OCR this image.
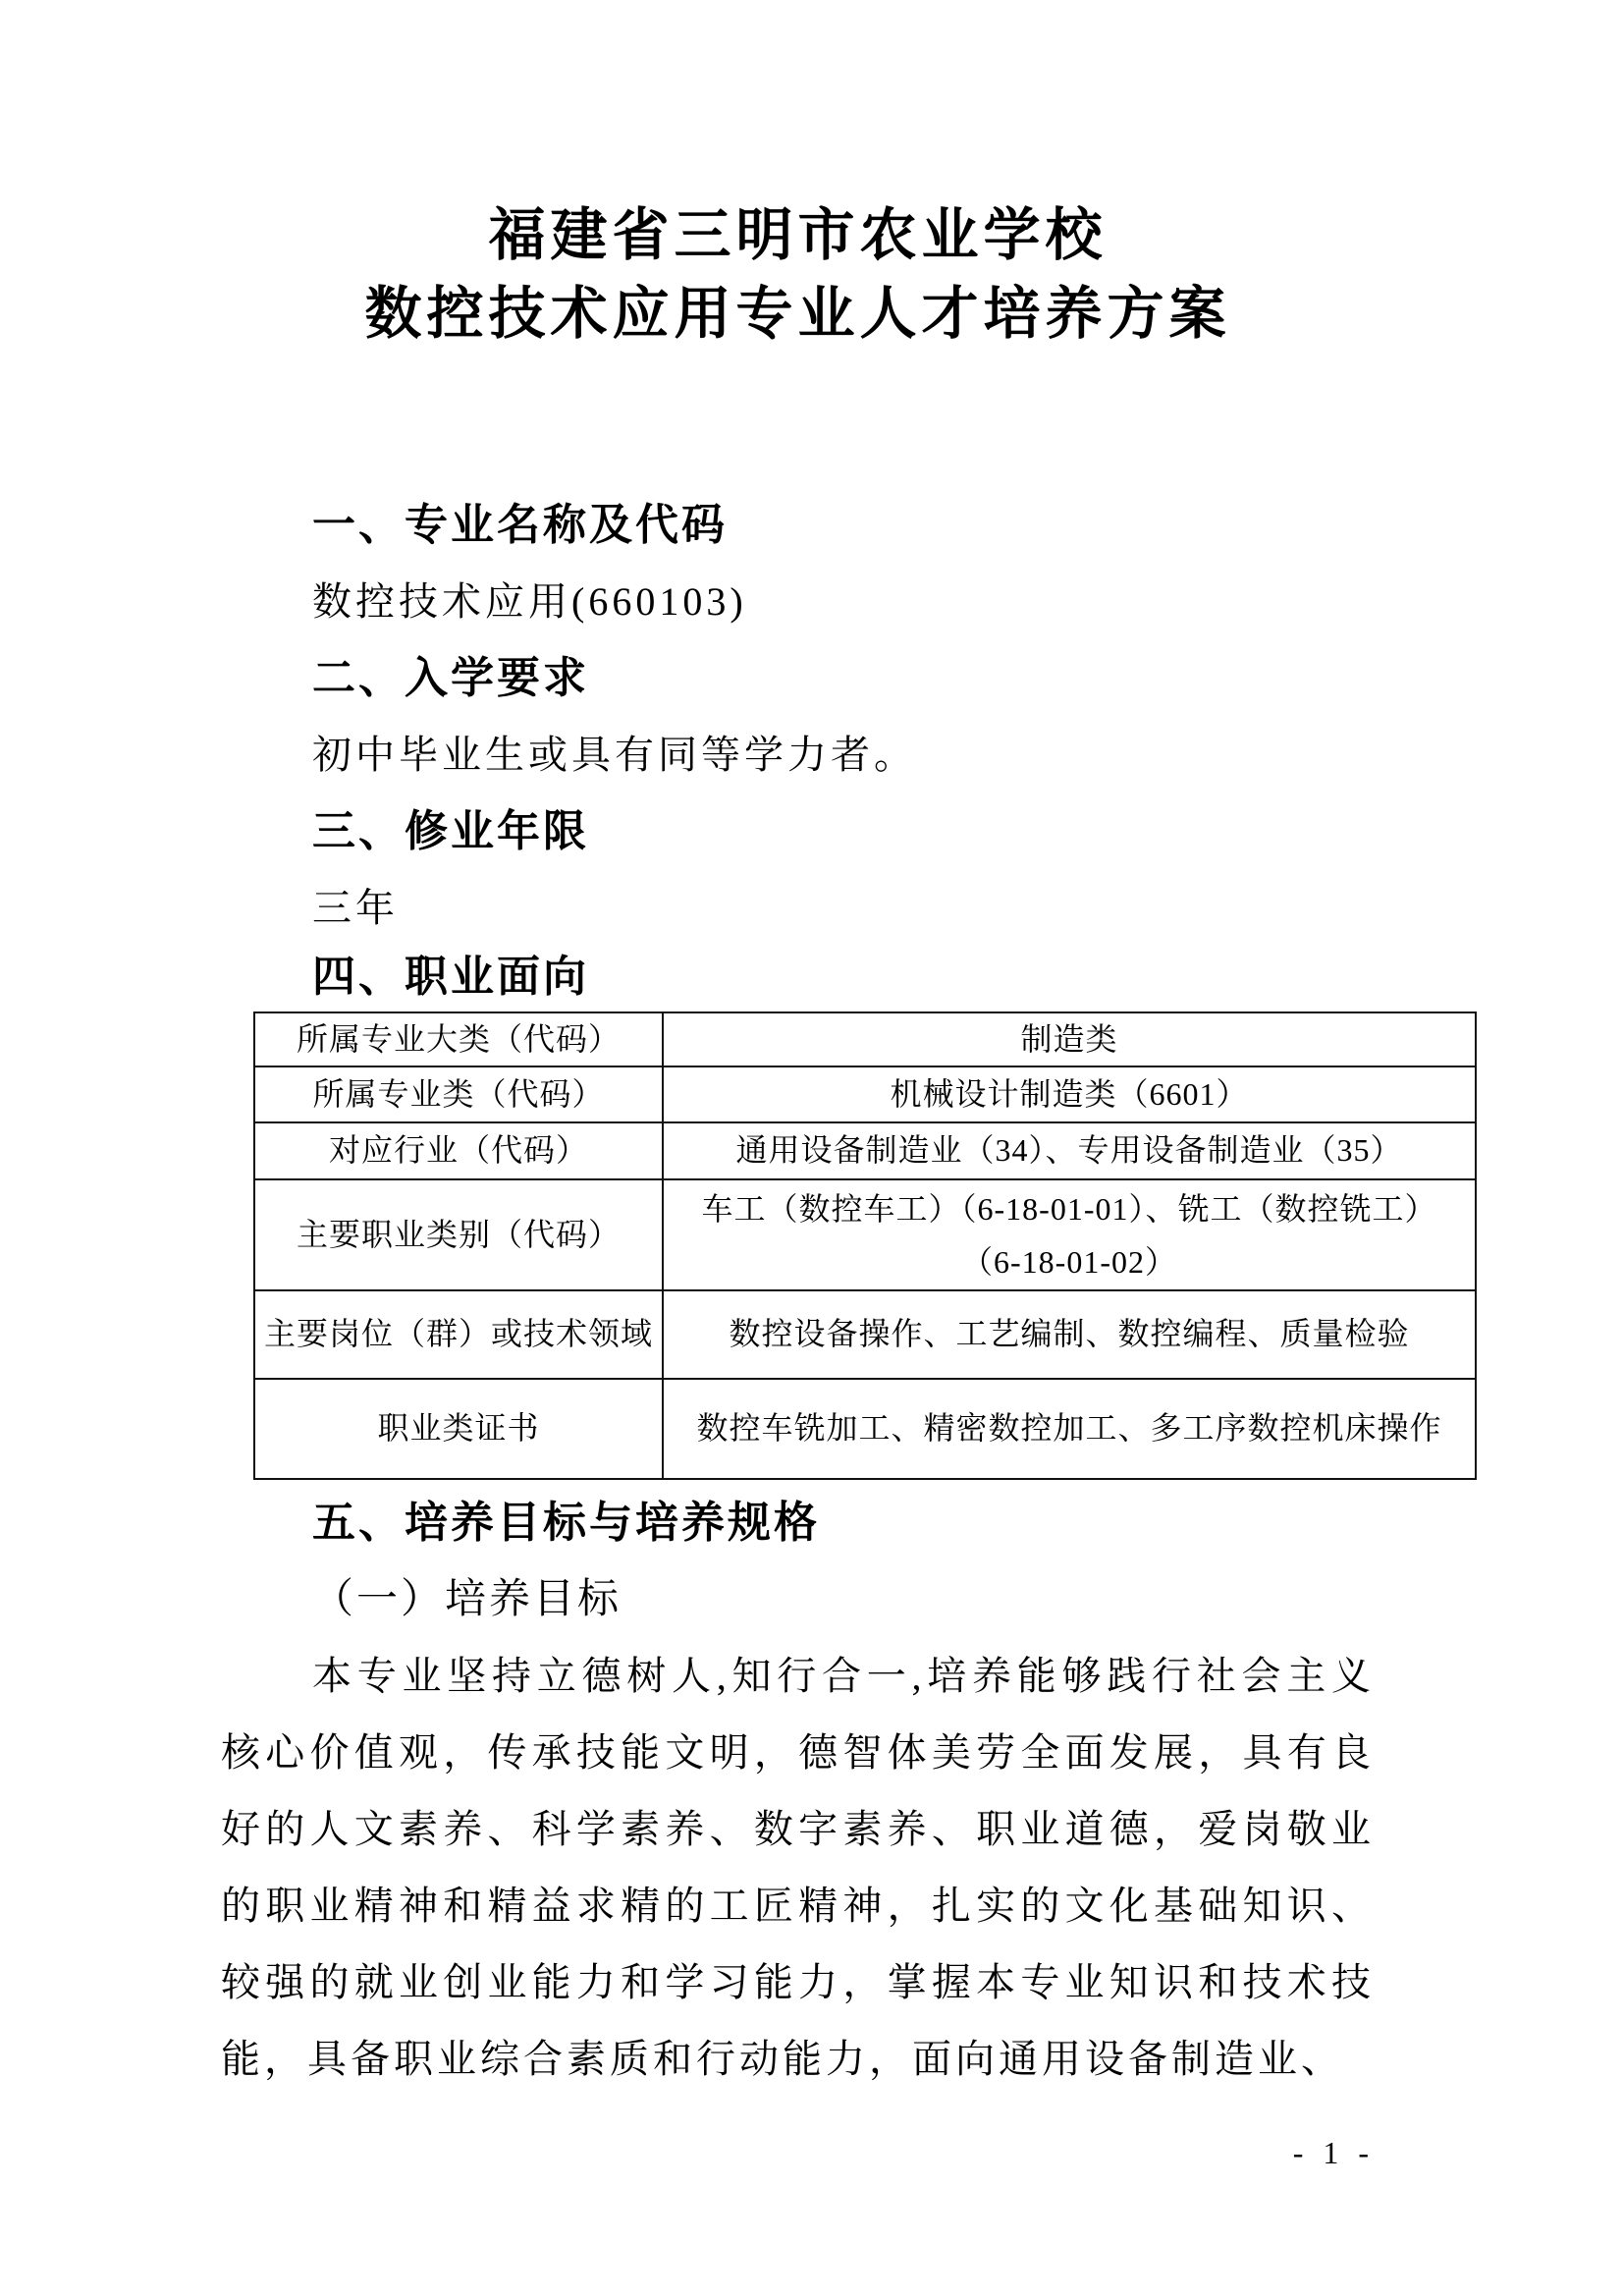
福建省三明市农业学校
数控技术应用专业人才培养方案
一、专业名称及代码
数控技术应用(660103)
二、入学要求
初中毕业生或具有同等学力者。
三、修业年限
三年
四、职业面向
所属专业大类（代码）	制造类
所属专业类（代码）	机械设计制造类（6601）
对应行业（代码）	通用设备制造业（34）、专用设备制造业（35）
主要职业类别（代码）	车工（数控车工）（6-18-01-01）、铣工（数控铣工）
（6-18-01-02）

主要岗位（群）或技术领域	数控设备操作、工艺编制、数控编程、质量检验
职业类证书	数控车铣加工、精密数控加工、多工序数控机床操作
五、培养目标与培养规格
（一）培养目标
本专业坚持立德树人,知行合一,培养能够践行社会主义
核心价值观，传承技能文明，德智体美劳全面发展，具有良
好的人文素养、科学素养、数字素养、职业道德，爱岗敬业
的职业精神和精益求精的工匠精神，扎实的文化基础知识、
较强的就业创业能力和学习能力，掌握本专业知识和技术技
能，具备职业综合素质和行动能力，面向通用设备制造业、
- 1 -
